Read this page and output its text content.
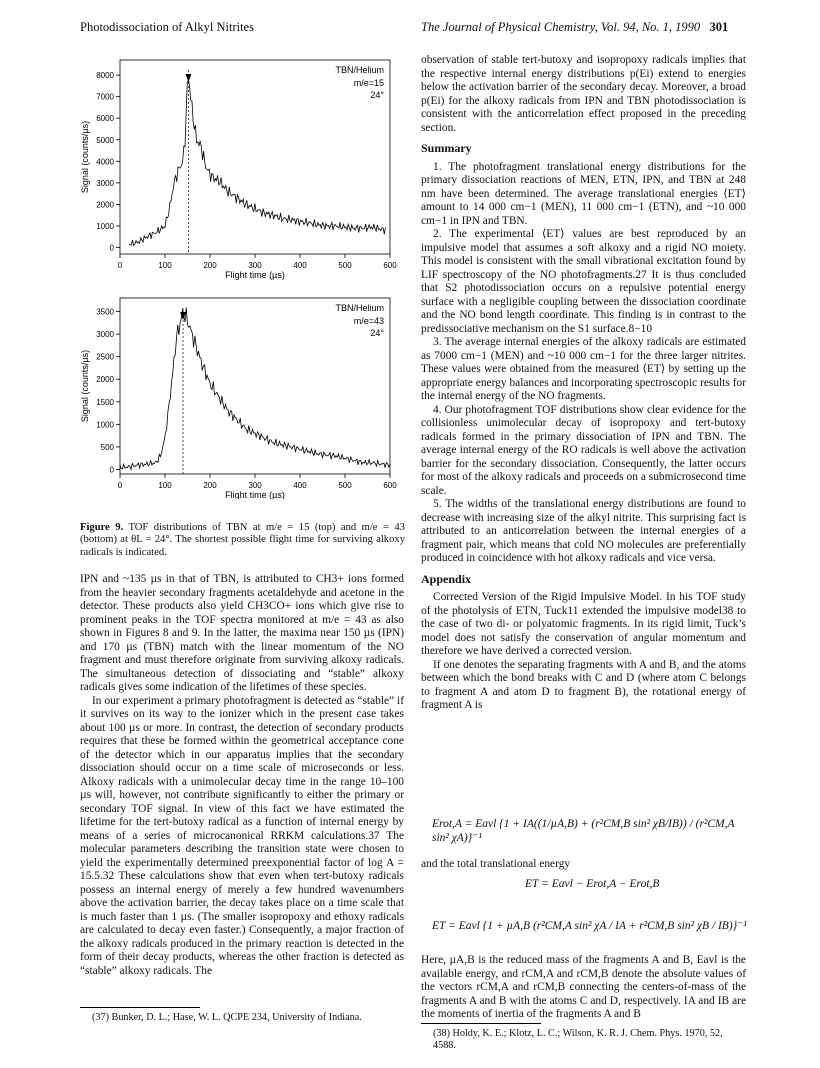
Photodissociation of Alkyl Nitrites	The Journal of Physical Chemistry, Vol. 94, No. 1, 1990 301
0	100	200	300	400	500	600
0
1000
2000
3000
4000
5000
6000
7000
8000
Flight time (µs)
Signal (counts/µs)
TBN/Helium
m/e=15
24°
0	100	200	300	400	500	600
0
500
1000
1500
2000
2500
3000
3500
Flight time (µs)
Signal (counts/µs)
TBN/Helium
m/e=43
24°
Figure 9. TOF distributions of TBN at m/e = 15 (top) and m/e = 43 (bottom) at θL = 24°. The shortest possible flight time for surviving alkoxy radicals is indicated.

IPN and ~135 µs in that of TBN, is attributed to CH3+ ions formed from the heavier secondary fragments acetaldehyde and acetone in the detector. These products also yield CH3CO+ ions which give rise to prominent peaks in the TOF spectra monitored at m/e = 43 as also shown in Figures 8 and 9. In the latter, the maxima near 150 µs (IPN) and 170 µs (TBN) match with the linear momentum of the NO fragment and must therefore originate from surviving alkoxy radicals. The simultaneous detection of dissociating and “stable” alkoxy radicals gives some indication of the lifetimes of these species.

In our experiment a primary photofragment is detected as “stable” if it survives on its way to the ionizer which in the present case takes about 100 µs or more. In contrast, the detection of secondary products requires that these be formed within the geometrical acceptance cone of the detector which in our apparatus implies that the secondary dissociation should occur on a time scale of microseconds or less. Alkoxy radicals with a unimolecular decay time in the range 10–100 µs will, however, not contribute significantly to either the primary or secondary TOF signal. In view of this fact we have estimated the lifetime for the tert-butoxy radical as a function of internal energy by means of a series of microcanonical RRKM calculations.37 The molecular parameters describing the transition state were chosen to yield the experimentally determined preexponential factor of log A = 15.5.32 These calculations show that even when tert-butoxy radicals possess an internal energy of merely a few hundred wavenumbers above the activation barrier, the decay takes place on a time scale that is much faster than 1 µs. (The smaller isopropoxy and ethoxy radicals are calculated to decay even faster.) Consequently, a major fraction of the alkoxy radicals produced in the primary reaction is detected in the form of their decay products, whereas the other fraction is detected as “stable” alkoxy radicals. The

(37) Bunker, D. L.; Hase, W. L. QCPE 234, University of Indiana.

observation of stable tert-butoxy and isopropoxy radicals implies that the respective internal energy distributions p(Ei) extend to energies below the activation barrier of the secondary decay. Moreover, a broad p(Ei) for the alkoxy radicals from IPN and TBN photodissociation is consistent with the anticorrelation effect proposed in the preceding section.

Summary

1. The photofragment translational energy distributions for the primary dissociation reactions of MEN, ETN, IPN, and TBN at 248 nm have been determined. The average translational energies ⟨ET⟩ amount to 14 000 cm−1 (MEN), 11 000 cm−1 (ETN), and ~10 000 cm−1 in IPN and TBN.

2. The experimental ⟨ET⟩ values are best reproduced by an impulsive model that assumes a soft alkoxy and a rigid NO moiety. This model is consistent with the small vibrational excitation found by LIF spectroscopy of the NO photofragments.27 It is thus concluded that S2 photodissociation occurs on a repulsive potential energy surface with a negligible coupling between the dissociation coordinate and the NO bond length coordinate. This finding is in contrast to the predissociative mechanism on the S1 surface.8−10

3. The average internal energies of the alkoxy radicals are estimated as 7000 cm−1 (MEN) and ~10 000 cm−1 for the three larger nitrites. These values were obtained from the measured ⟨ET⟩ by setting up the appropriate energy balances and incorporating spectroscopic results for the internal energy of the NO fragments.

4. Our photofragment TOF distributions show clear evidence for the collisionless unimolecular decay of isopropoxy and tert-butoxy radicals formed in the primary dissociation of IPN and TBN. The average internal energy of the RO radicals is well above the activation barrier for the secondary dissociation. Consequently, the latter occurs for most of the alkoxy radicals and proceeds on a submicrosecond time scale.

5. The widths of the translational energy distributions are found to decrease with increasing size of the alkyl nitrite. This surprising fact is attributed to an anticorrelation between the internal energies of a fragment pair, which means that cold NO molecules are preferentially produced in coincidence with hot alkoxy radicals and vice versa.

Appendix

Corrected Version of the Rigid Impulsive Model. In his TOF study of the photolysis of ETN, Tuck11 extended the impulsive model38 to the case of two di- or polyatomic fragments. In its rigid limit, Tuck’s model does not satisfy the conservation of angular momentum and therefore we have derived a corrected version.

If one denotes the separating fragments with A and B, and the atoms between which the bond breaks with C and D (where atom C belongs to fragment A and atom D to fragment B), the rotational energy of fragment A is

Erot,A = Eavl {1 + IA((1/µA,B) + (r²CM,B sin² χB/IB)) / (r²CM,A sin² χA)}⁻¹
and the total translational energy
ET = Eavl − Erot,A − Erot,B
ET = Eavl {1 + µA,B (r²CM,A sin² χA / IA + r²CM,B sin² χB / IB)}⁻¹
Here, µA,B is the reduced mass of the fragments A and B, Eavl is the available energy, and rCM,A and rCM,B denote the absolute values of the vectors rCM,A and rCM,B connecting the centers-of-mass of the fragments A and B with the atoms C and D, respectively. IA and IB are the moments of inertia of the fragments A and B
(38) Holdy, K. E.; Klotz, L. C.; Wilson, K. R. J. Chem. Phys. 1970, 52, 4588.
